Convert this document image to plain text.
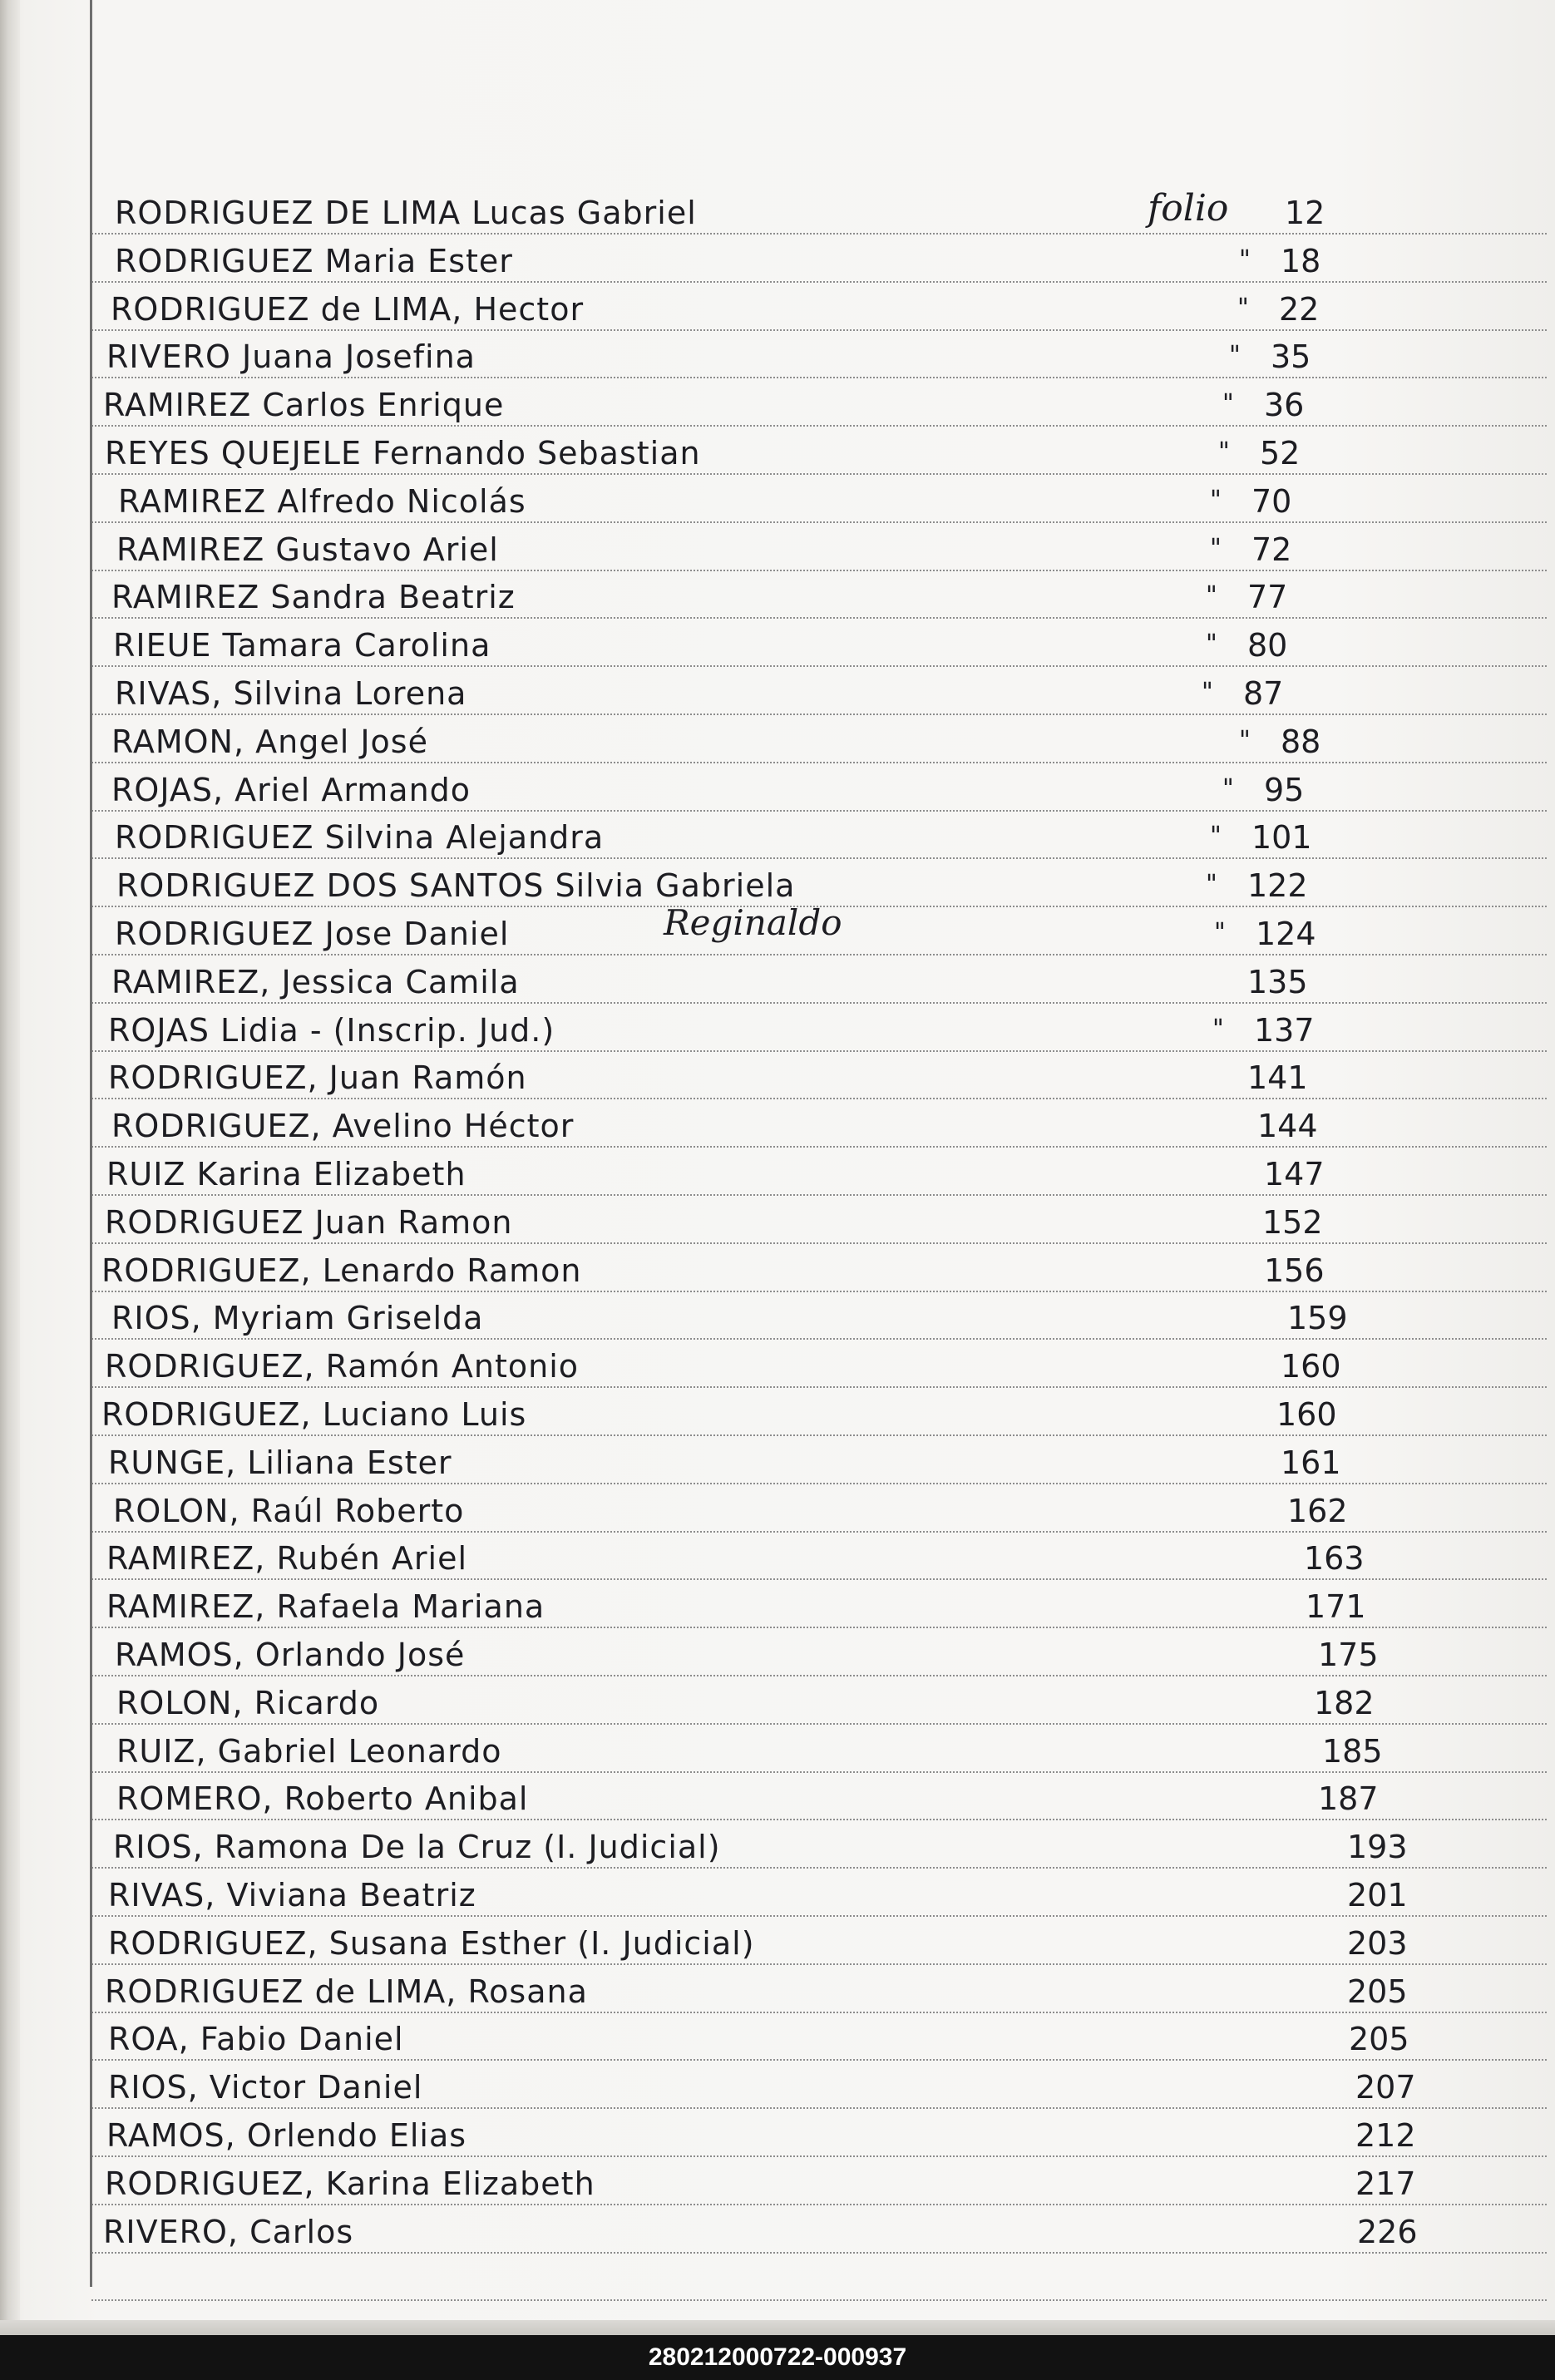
RODRIGUEZ DE LIMA Lucas Gabriel	folio 12
RODRIGUEZ Maria Ester	" 18
RODRIGUEZ de LIMA, Hector	" 22
RIVERO Juana Josefina	" 35
RAMIREZ Carlos Enrique	" 36
REYES QUEJELE Fernando Sebastian	" 52
RAMIREZ Alfredo Nicolás	" 70
RAMIREZ Gustavo Ariel	" 72
RAMIREZ Sandra Beatriz	" 77
RIEUE Tamara Carolina	" 80
RIVAS, Silvina Lorena	" 87
RAMON, Angel José	" 88
ROJAS, Ariel Armando	" 95
RODRIGUEZ Silvina Alejandra	" 101
RODRIGUEZ DOS SANTOS Silvia Gabriela	" 122
RODRIGUEZ Jose Daniel	" 124
RAMIREZ, Jessica Camila	135
ROJAS Lidia - (Inscrip. Jud.)	" 137
RODRIGUEZ, Juan Ramón	141
RODRIGUEZ, Avelino Héctor	144
RUIZ Karina Elizabeth	147
RODRIGUEZ Juan Ramon	152
RODRIGUEZ, Lenardo Ramon	156
RIOS, Myriam Griselda	159
RODRIGUEZ, Ramón Antonio	160
RODRIGUEZ, Luciano Luis	160
RUNGE, Liliana Ester	161
ROLON, Raúl Roberto	162
RAMIREZ, Rubén Ariel	163
RAMIREZ, Rafaela Mariana	171
RAMOS, Orlando José	175
ROLON, Ricardo	182
RUIZ, Gabriel Leonardo	185
ROMERO, Roberto Anibal	187
RIOS, Ramona De la Cruz (I. Judicial)	193
RIVAS, Viviana Beatriz	201
RODRIGUEZ, Susana Esther (I. Judicial)	203
RODRIGUEZ de LIMA, Rosana	205
ROA, Fabio Daniel	205
RIOS, Victor Daniel	207
RAMOS, Orlendo Elias	212
RODRIGUEZ, Karina Elizabeth	217
RIVERO, Carlos	226
Reginaldo
280212000722-000937
